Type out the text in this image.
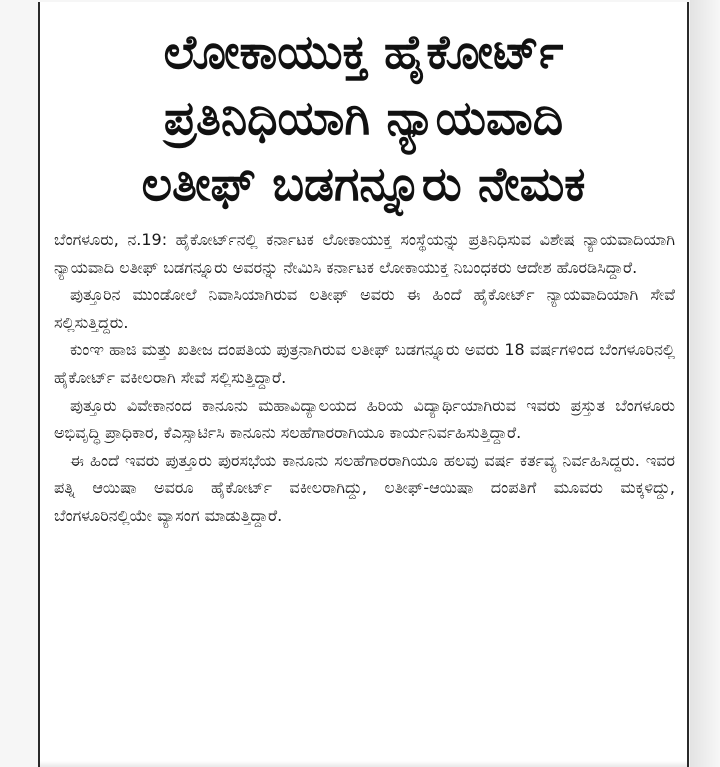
ಲೋಕಾಯುಕ್ತ ಹೈಕೋರ್ಟ್
ಪ್ರತಿನಿಧಿಯಾಗಿ ನ್ಯಾಯವಾದಿ
ಲತೀಫ್ ಬಡಗನ್ನೂರು ನೇಮಕ

ಬೆಂಗಳೂರು, ನ.19: ಹೈಕೋರ್ಟ್‌ನಲ್ಲಿ ಕರ್ನಾಟಕ ಲೋಕಾಯುಕ್ತ ಸಂಸ್ಥೆಯನ್ನು ಪ್ರತಿನಿಧಿಸುವ ವಿಶೇಷ ನ್ಯಾಯವಾದಿಯಾಗಿ ನ್ಯಾಯವಾದಿ ಲತೀಫ್ ಬಡಗನ್ನೂರು ಅವರನ್ನು ನೇಮಿಸಿ ಕರ್ನಾಟಕ ಲೋಕಾಯುಕ್ತ ನಿಬಂಧಕರು ಆದೇಶ ಹೊರಡಿಸಿದ್ದಾರೆ.

ಪುತ್ತೂರಿನ ಮುಂಡೋಲೆ ನಿವಾಸಿಯಾಗಿರುವ ಲತೀಫ್ ಅವರು ಈ ಹಿಂದೆ ಹೈಕೋರ್ಟ್ ನ್ಯಾಯವಾದಿಯಾಗಿ ಸೇವೆ ಸಲ್ಲಿಸುತ್ತಿದ್ದರು.

ಕುಂಞ ಹಾಜಿ ಮತ್ತು ಖತೀಜ ದಂಪತಿಯ ಪುತ್ರನಾಗಿರುವ ಲತೀಫ್ ಬಡಗನ್ನೂರು ಅವರು 18 ವರ್ಷಗಳಿಂದ ಬೆಂಗಳೂರಿನಲ್ಲಿ ಹೈಕೋರ್ಟ್ ವಕೀಲರಾಗಿ ಸೇವೆ ಸಲ್ಲಿಸುತ್ತಿದ್ದಾರೆ.

ಪುತ್ತೂರು ವಿವೇಕಾನಂದ ಕಾನೂನು ಮಹಾವಿದ್ಯಾಲಯದ ಹಿರಿಯ ವಿದ್ಯಾರ್ಥಿಯಾಗಿರುವ ಇವರು ಪ್ರಸ್ತುತ ಬೆಂಗಳೂರು ಅಭಿವೃದ್ಧಿ ಪ್ರಾಧಿಕಾರ, ಕೆಎಸ್ಸಾರ್ಟಿಸಿ ಕಾನೂನು ಸಲಹೆಗಾರರಾಗಿಯೂ ಕಾರ್ಯನಿರ್ವಹಿಸುತ್ತಿದ್ದಾರೆ.

ಈ ಹಿಂದೆ ಇವರು ಪುತ್ತೂರು ಪುರಸಭೆಯ ಕಾನೂನು ಸಲಹೆಗಾರರಾಗಿಯೂ ಹಲವು ವರ್ಷ ಕರ್ತವ್ಯ ನಿರ್ವಹಿಸಿದ್ದರು. ಇವರ ಪತ್ನಿ ಆಯಿಷಾ ಅವರೂ ಹೈಕೋರ್ಟ್ ವಕೀಲರಾಗಿದ್ದು, ಲತೀಫ್-ಆಯಿಷಾ ದಂಪತಿಗೆ ಮೂವರು ಮಕ್ಕಳಿದ್ದು, ಬೆಂಗಳೂರಿನಲ್ಲಿಯೇ ವ್ಯಾಸಂಗ ಮಾಡುತ್ತಿದ್ದಾರೆ.
